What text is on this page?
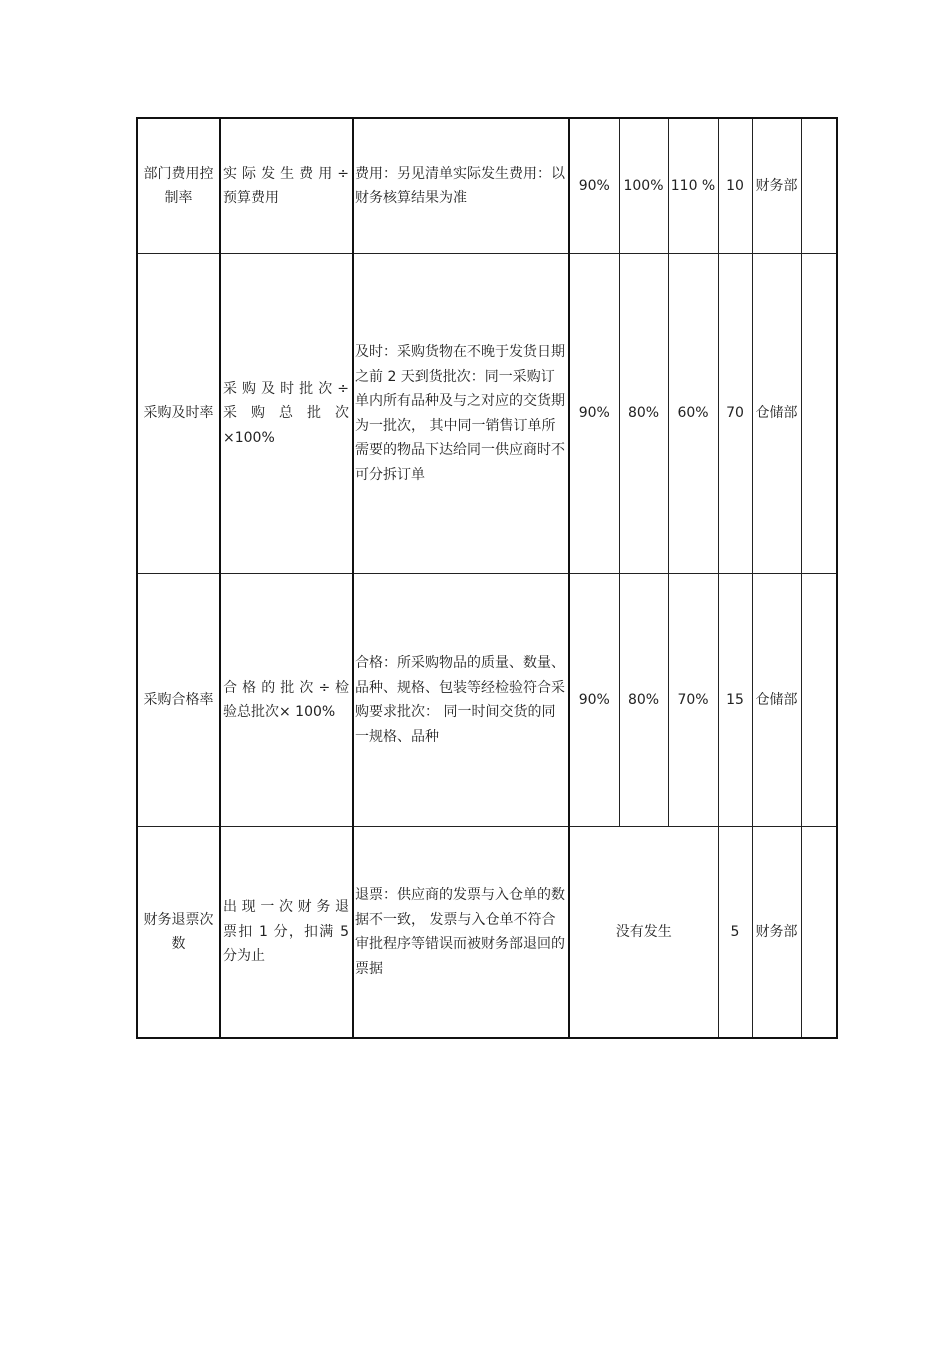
部门费用控制率	实 际 发 生 费 用 ÷预算费用	费用：另见清单实际发生费用：以财务核算结果为准	90%	100%	110 %	10	财务部	

采购及时率	采 购 及 时 批 次 ÷采 购 总 批 次 ×100%	及时：采购货物在不晚于发货日期之前 2 天到货批次：同一采购订单内所有品种及与之对应的交货期为一批次， 其中同一销售订单所需要的物品下达给同一供应商时不可分拆订单	90%	80%	60%	70	仓储部	

采购合格率	合 格 的 批 次 ÷ 检验总批次× 100%	合格：所采购物品的质量、数量、品种、规格、包装等经检验符合采购要求批次： 同一时间交货的同一规格、品种	90%	80%	70%	15	仓储部	

财务退票次数	出 现 一 次 财 务 退票扣 1 分，扣满 5分为止	退票：供应商的发票与入仓单的数据不一致， 发票与入仓单不符合审批程序等错误而被财务部退回的票据	没有发生			5	财务部	
